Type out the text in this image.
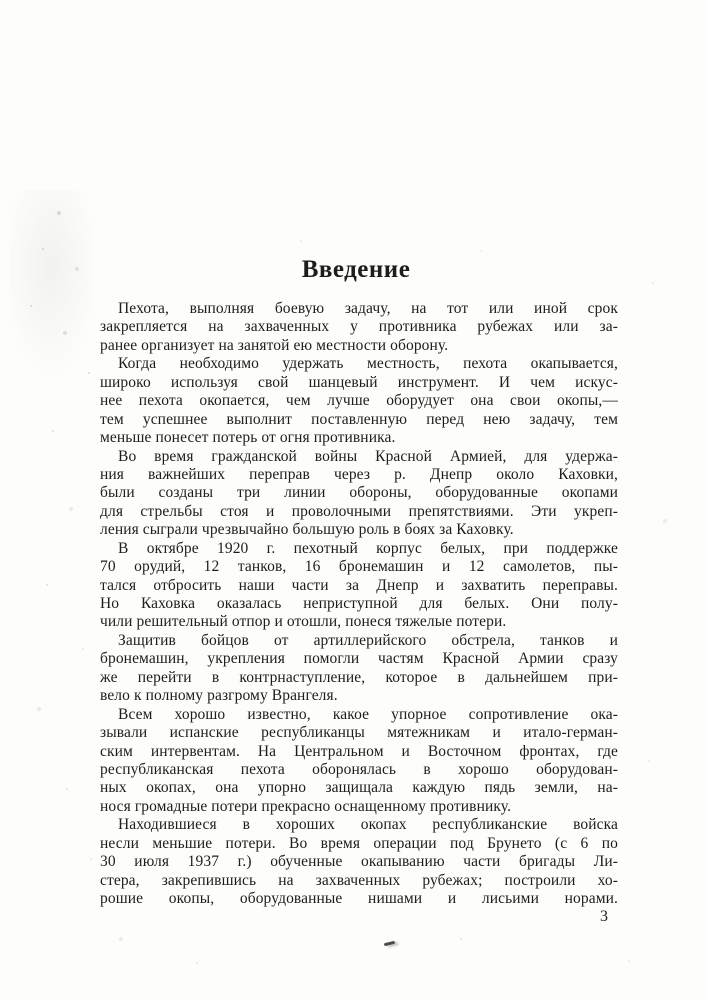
Введение
Пехота, выполняя боевую задачу, на тот или иной срок
закрепляется на захваченных у противника рубежах или за-
ранее организует на занятой ею местности оборону.
Когда необходимо удержать местность, пехота окапывается,
широко используя свой шанцевый инструмент. И чем искус-
нее пехота окопается, чем лучше оборудует она свои окопы,—
тем успешнее выполнит поставленную перед нею задачу, тем
меньше понесет потерь от огня противника.
Во время гражданской войны Красной Армией, для удержа-
ния важнейших переправ через р. Днепр около Каховки,
были созданы три линии обороны, оборудованные окопами
для стрельбы стоя и проволочными препятствиями. Эти укреп-
ления сыграли чрезвычайно большую роль в боях за Каховку.
В октябре 1920 г. пехотный корпус белых, при поддержке
70 орудий, 12 танков, 16 бронемашин и 12 самолетов, пы-
тался отбросить наши части за Днепр и захватить переправы.
Но Каховка оказалась неприступной для белых. Они полу-
чили решительный отпор и отошли, понеся тяжелые потери.
Защитив бойцов от артиллерийского обстрела, танков и
бронемашин, укрепления помогли частям Красной Армии сразу
же перейти в контрнаступление, которое в дальнейшем при-
вело к полному разгрому Врангеля.
Всем хорошо известно, какое упорное сопротивление ока-
зывали испанские республиканцы мятежникам и итало-герман-
ским интервентам. На Центральном и Восточном фронтах, где
республиканская пехота оборонялась в хорошо оборудован-
ных окопах, она упорно защищала каждую пядь земли, на-
нося громадные потери прекрасно оснащенному противнику.
Находившиеся в хороших окопах республиканские войска
несли меньшие потери. Во время операции под Брунето (с 6 по
30 июля 1937 г.) обученные окапыванию части бригады Ли-
стера, закрепившись на захваченных рубежах; построили хо-
рошие окопы, оборудованные нишами и лисьими норами.
3
